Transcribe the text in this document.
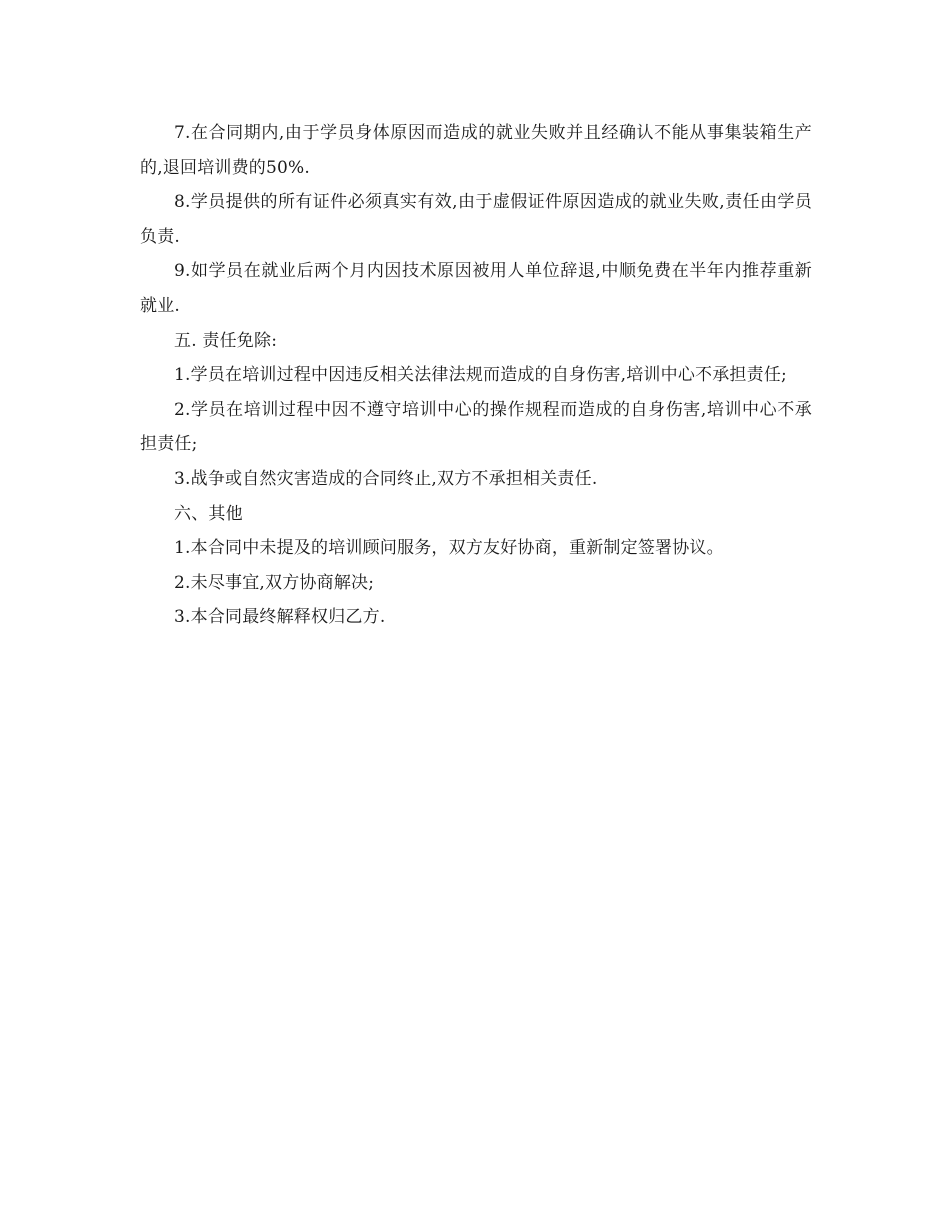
7.在合同期内,由于学员身体原因而造成的就业失败并且经确认不能从事集装箱生产的,退回培训费的50%.

8.学员提供的所有证件必须真实有效,由于虚假证件原因造成的就业失败,责任由学员负责.

9.如学员在就业后两个月内因技术原因被用人单位辞退,中顺免费在半年内推荐重新就业.

五. 责任免除:

1.学员在培训过程中因违反相关法律法规而造成的自身伤害,培训中心不承担责任;

2.学员在培训过程中因不遵守培训中心的操作规程而造成的自身伤害,培训中心不承担责任;

3.战争或自然灾害造成的合同终止,双方不承担相关责任.

六、其他

1.本合同中未提及的培训顾问服务，双方友好协商，重新制定签署协议。

2.未尽事宜,双方协商解决;

3.本合同最终解释权归乙方.
